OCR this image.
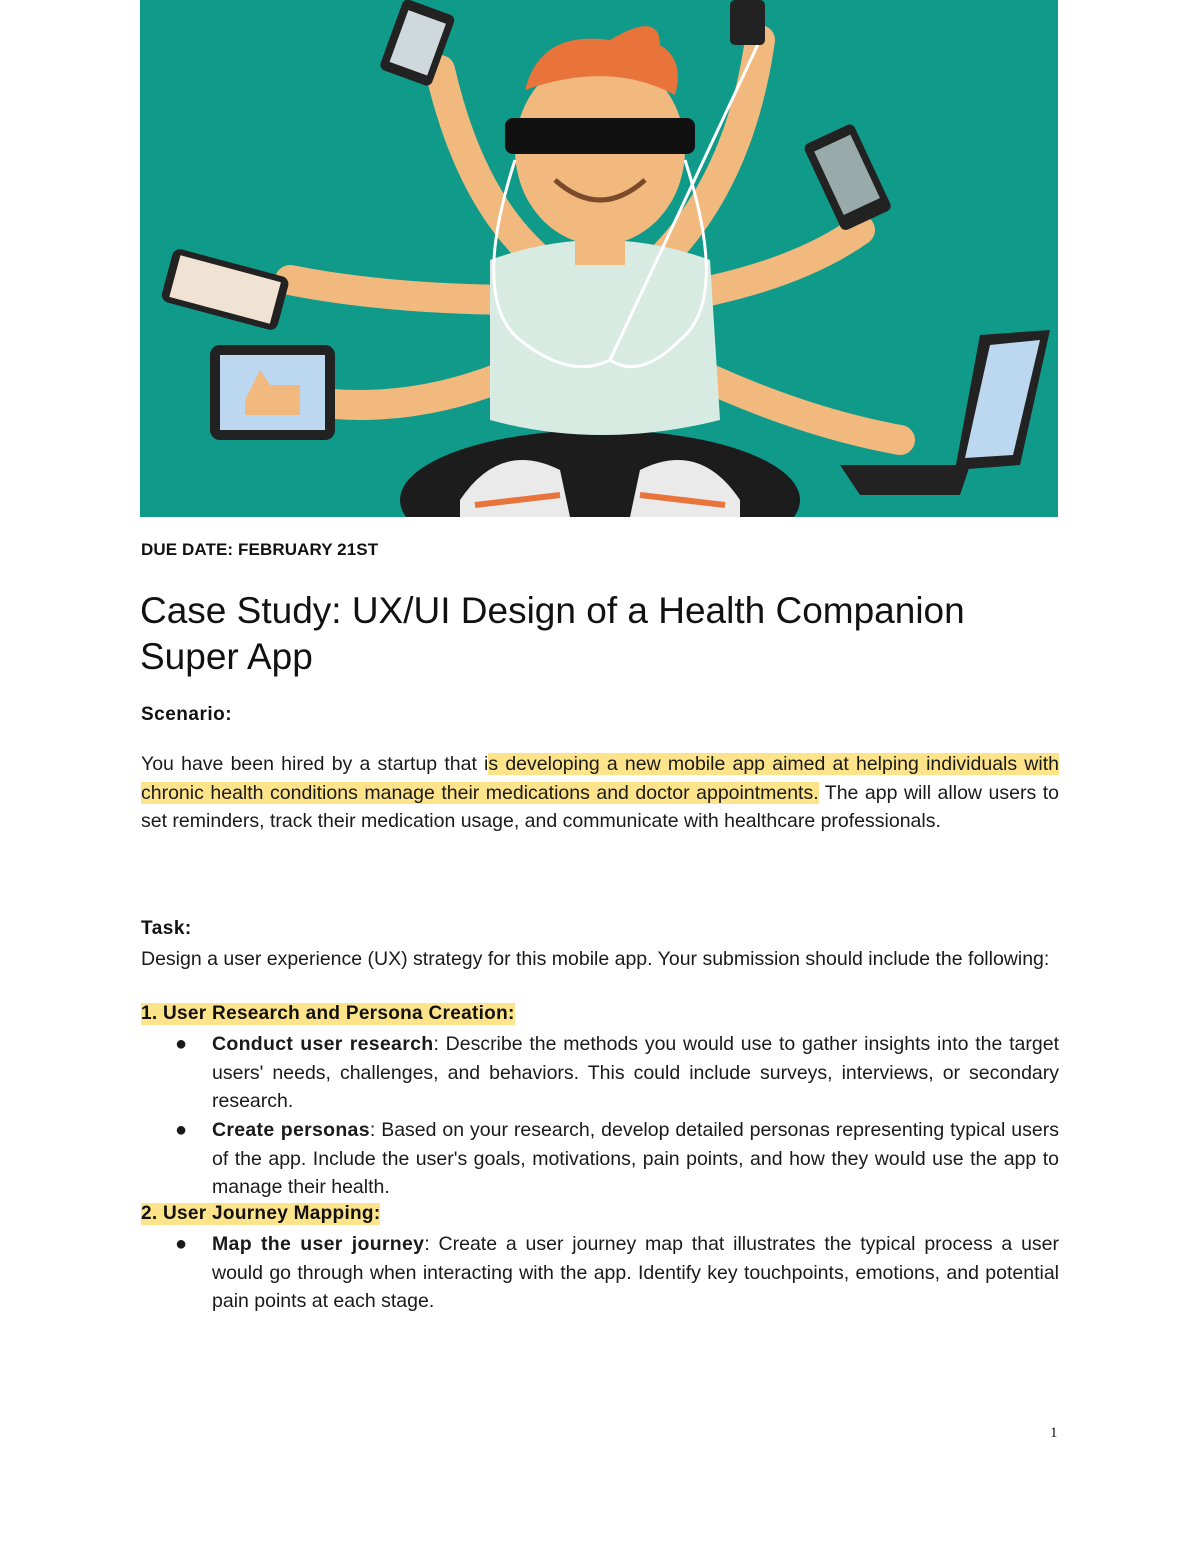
DUE DATE: FEBRUARY 21ST
Case Study: UX/UI Design of a Health Companion Super App
Scenario:

You have been hired by a startup that is developing a new mobile app aimed at helping individuals with chronic health conditions manage their medications and doctor appointments. The app will allow users to set reminders, track their medication usage, and communicate with healthcare professionals.

Task:

Design a user experience (UX) strategy for this mobile app. Your submission should include the following:

1. User Research and Persona Creation:
● Conduct user research: Describe the methods you would use to gather insights into the target users' needs, challenges, and behaviors. This could include surveys, interviews, or secondary research.
● Create personas: Based on your research, develop detailed personas representing typical users of the app. Include the user's goals, motivations, pain points, and how they would use the app to manage their health.
2. User Journey Mapping:
● Map the user journey: Create a user journey map that illustrates the typical process a user would go through when interacting with the app. Identify key touchpoints, emotions, and potential pain points at each stage.
1
